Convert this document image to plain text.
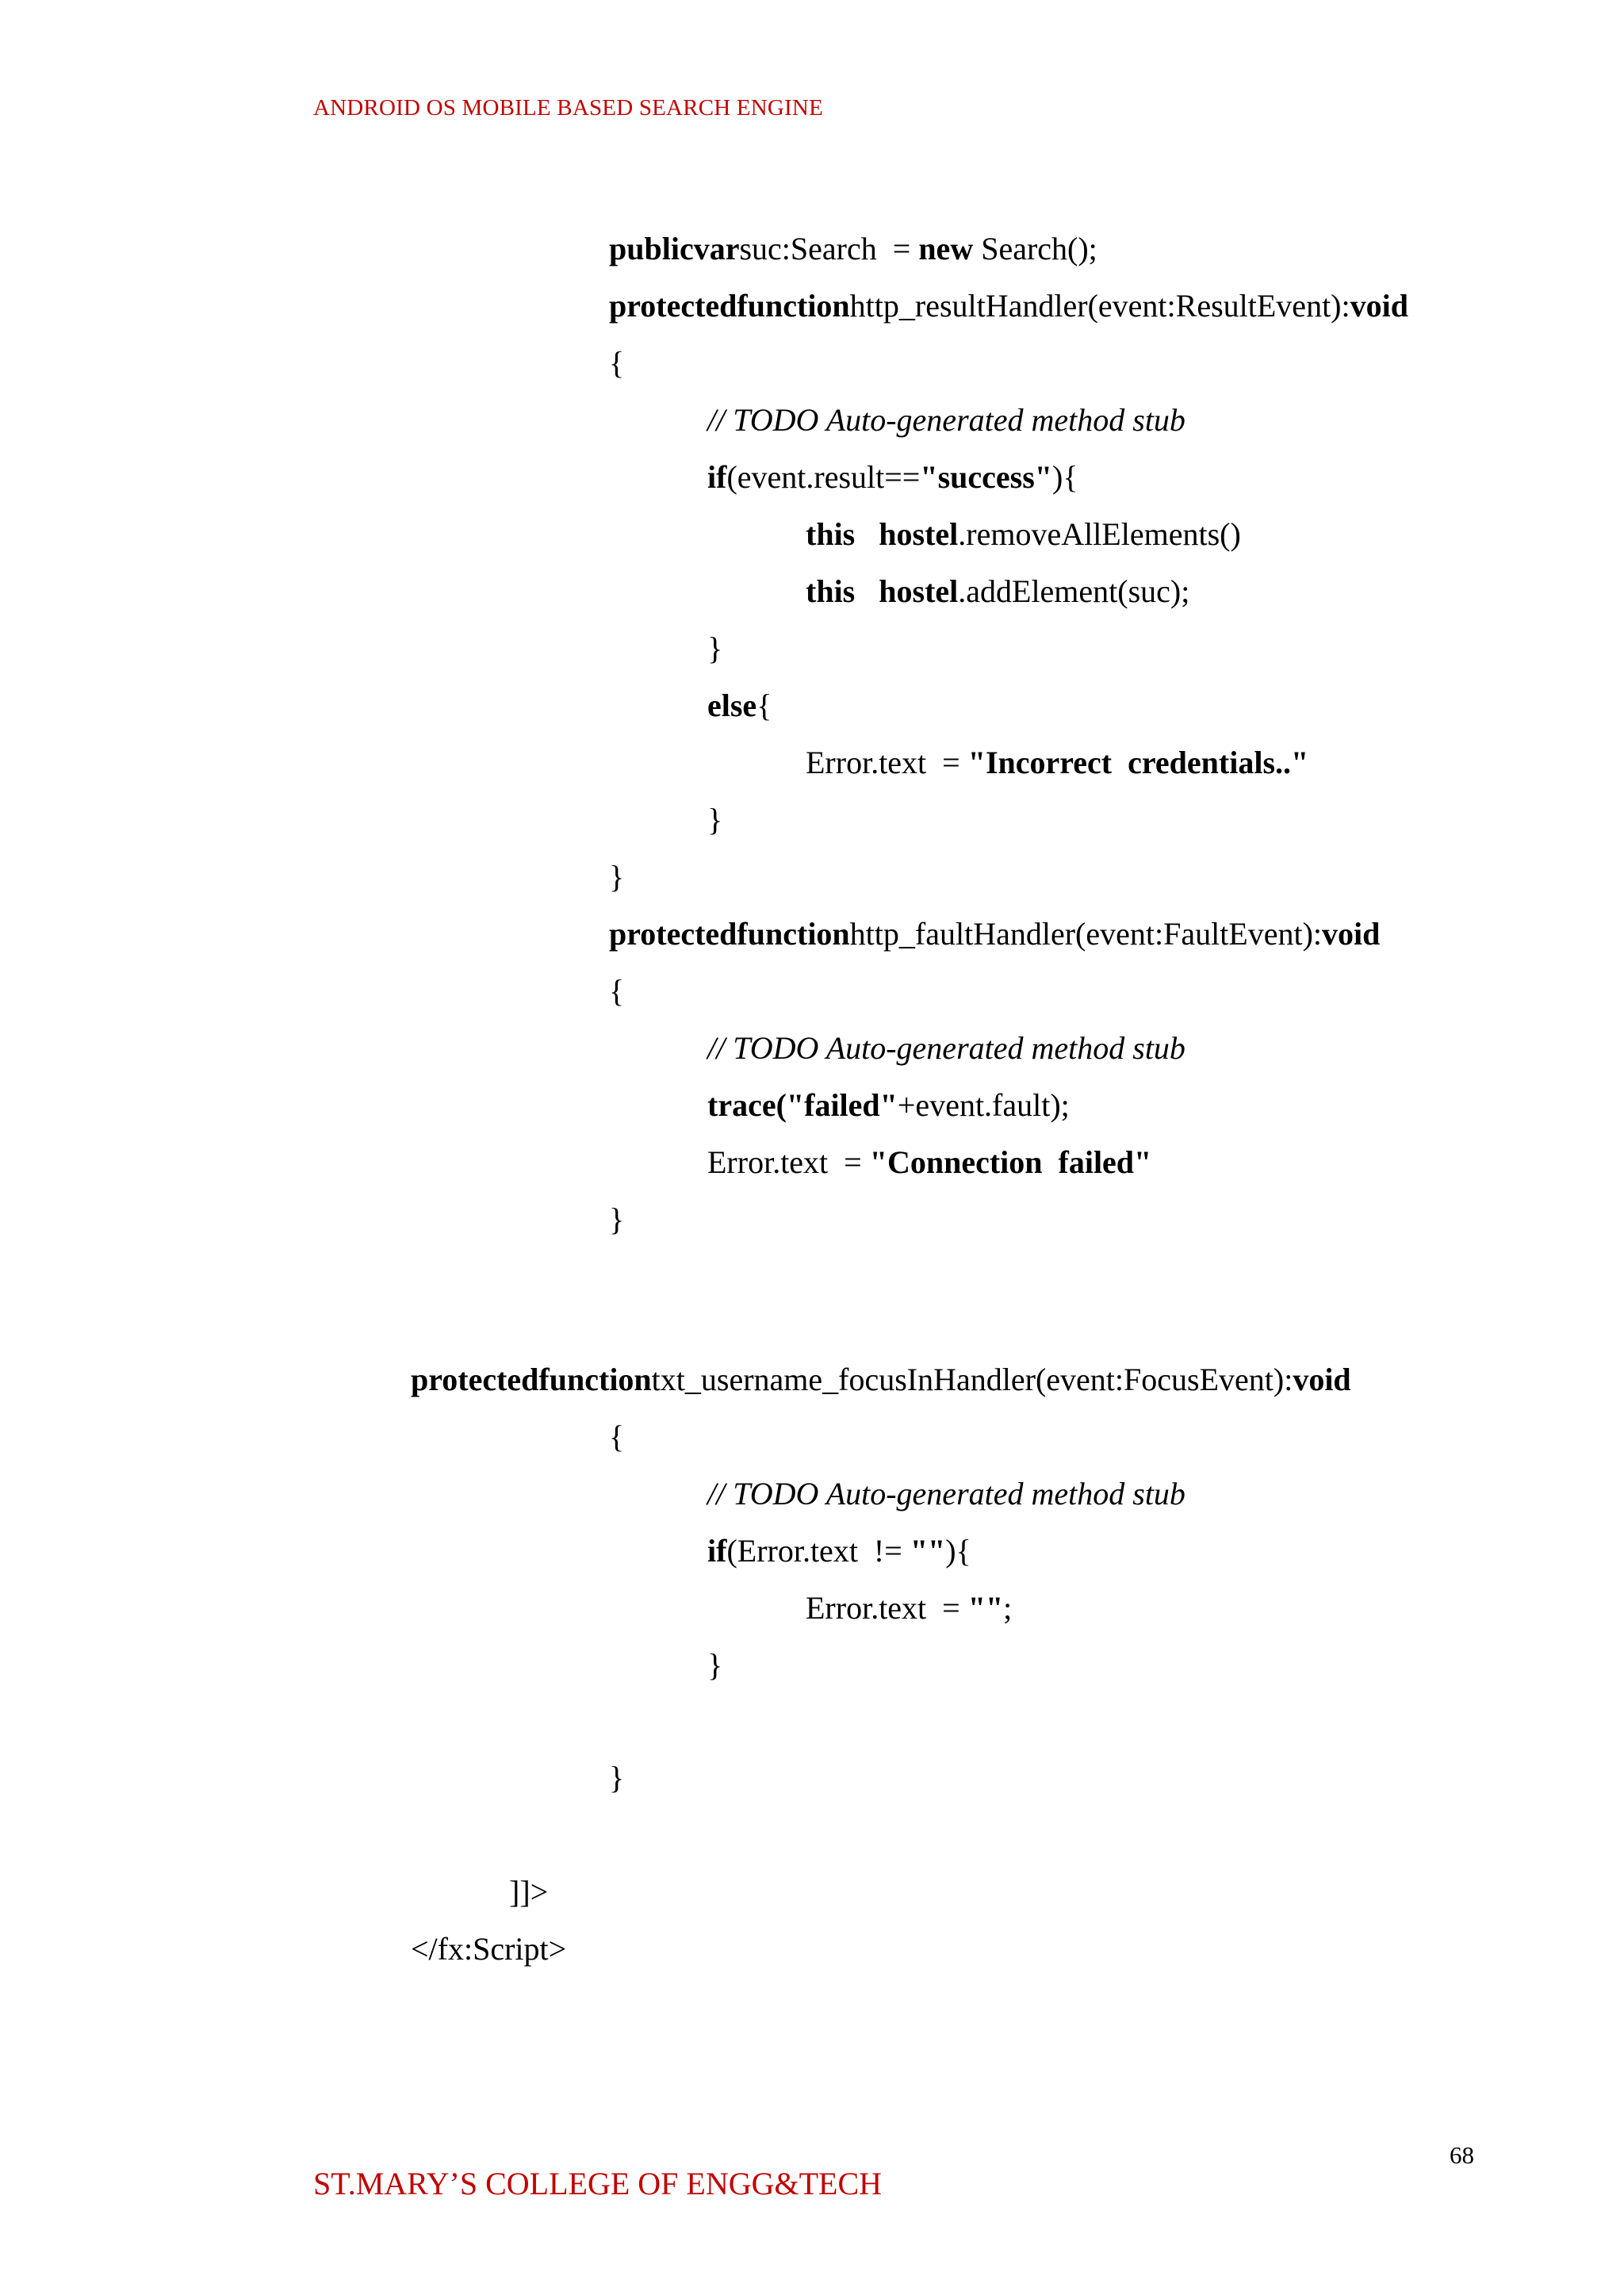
ANDROID OS MOBILE BASED SEARCH ENGINE
publicvarsuc:Search  = new Search();
protectedfunctionhttp_resultHandler(event:ResultEvent):void
{
// TODO Auto-generated method stub
if(event.result=="success"){
this hostel.removeAllElements()
this hostel.addElement(suc);
}
else{
Error.text  = "Incorrect  credentials.."
}
}
protectedfunctionhttp_faultHandler(event:FaultEvent):void
{
// TODO Auto-generated method stub
trace("failed"+event.fault);
Error.text  = "Connection  failed"
}
protectedfunctiontxt_username_focusInHandler(event:FocusEvent):void
{
// TODO Auto-generated method stub
if(Error.text  != ""){
Error.text  = "";
}
}
]]>
</fx:Script>
68
ST.MARY’S COLLEGE OF ENGG&TECH
